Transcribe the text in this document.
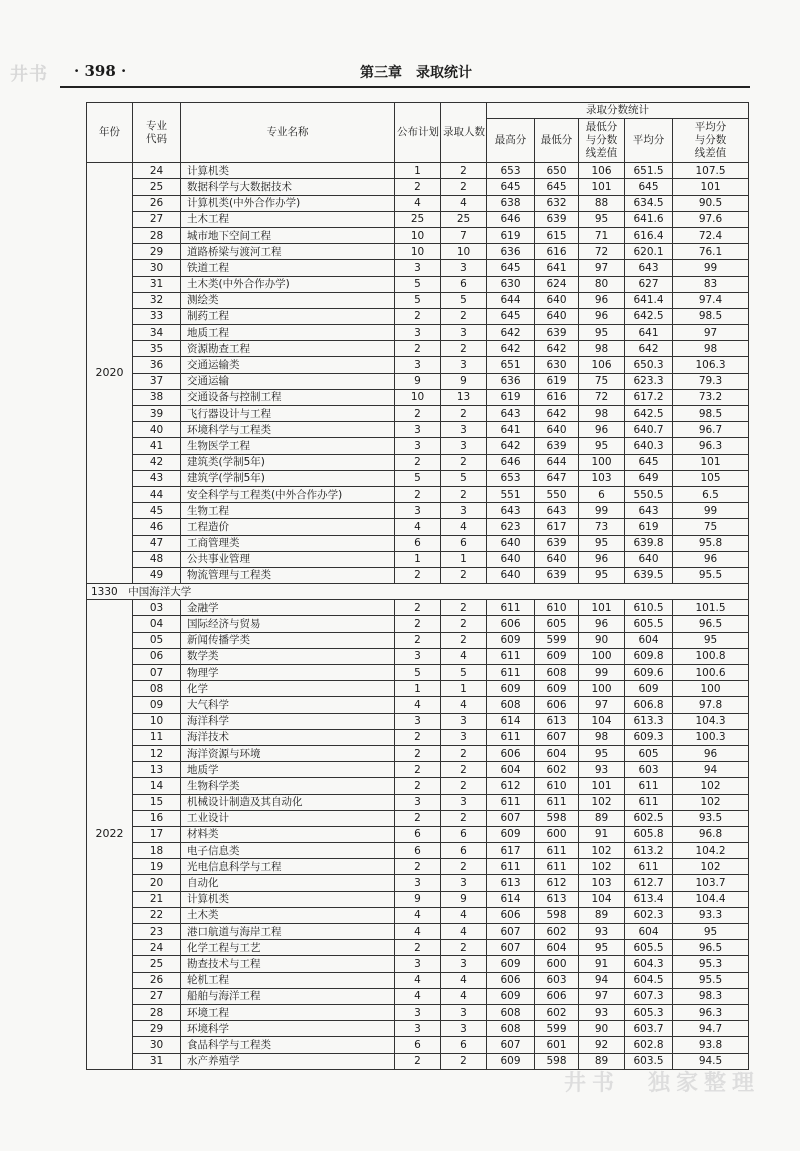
井书 · 398 ·	第三章　录取统计
年份	专业代码	专业名称	公布计划	录取人数	录取分数统计				
					最高分	最低分	最低分与分数线差值	平均分	平均分与分数线差值
2020	24	计算机类	1	2	653	650	106	651.5	107.5
	25	数据科学与大数据技术	2	2	645	645	101	645	101
	26	计算机类(中外合作办学)	4	4	638	632	88	634.5	90.5
	27	土木工程	25	25	646	639	95	641.6	97.6
	28	城市地下空间工程	10	7	619	615	71	616.4	72.4
	29	道路桥梁与渡河工程	10	10	636	616	72	620.1	76.1
	30	铁道工程	3	3	645	641	97	643	99
	31	土木类(中外合作办学)	5	6	630	624	80	627	83
	32	测绘类	5	5	644	640	96	641.4	97.4
	33	制药工程	2	2	645	640	96	642.5	98.5
	34	地质工程	3	3	642	639	95	641	97
	35	资源勘查工程	2	2	642	642	98	642	98
	36	交通运输类	3	3	651	630	106	650.3	106.3
	37	交通运输	9	9	636	619	75	623.3	79.3
	38	交通设备与控制工程	10	13	619	616	72	617.2	73.2
	39	飞行器设计与工程	2	2	643	642	98	642.5	98.5
	40	环境科学与工程类	3	3	641	640	96	640.7	96.7
	41	生物医学工程	3	3	642	639	95	640.3	96.3
	42	建筑类(学制5年)	2	2	646	644	100	645	101
	43	建筑学(学制5年)	5	5	653	647	103	649	105
	44	安全科学与工程类(中外合作办学)	2	2	551	550	6	550.5	6.5
	45	生物工程	3	3	643	643	99	643	99
	46	工程造价	4	4	623	617	73	619	75
	47	工商管理类	6	6	640	639	95	639.8	95.8
	48	公共事业管理	1	1	640	640	96	640	96
	49	物流管理与工程类	2	2	640	639	95	639.5	95.5
1330　中国海洋大学									
2022	03	金融学	2	2	611	610	101	610.5	101.5
	04	国际经济与贸易	2	2	606	605	96	605.5	96.5
	05	新闻传播学类	2	2	609	599	90	604	95
	06	数学类	3	4	611	609	100	609.8	100.8
	07	物理学	5	5	611	608	99	609.6	100.6
	08	化学	1	1	609	609	100	609	100
	09	大气科学	4	4	608	606	97	606.8	97.8
	10	海洋科学	3	3	614	613	104	613.3	104.3
	11	海洋技术	2	3	611	607	98	609.3	100.3
	12	海洋资源与环境	2	2	606	604	95	605	96
	13	地质学	2	2	604	602	93	603	94
	14	生物科学类	2	2	612	610	101	611	102
	15	机械设计制造及其自动化	3	3	611	611	102	611	102
	16	工业设计	2	2	607	598	89	602.5	93.5
	17	材料类	6	6	609	600	91	605.8	96.8
	18	电子信息类	6	6	617	611	102	613.2	104.2
	19	光电信息科学与工程	2	2	611	611	102	611	102
	20	自动化	3	3	613	612	103	612.7	103.7
	21	计算机类	9	9	614	613	104	613.4	104.4
	22	土木类	4	4	606	598	89	602.3	93.3
	23	港口航道与海岸工程	4	4	607	602	93	604	95
	24	化学工程与工艺	2	2	607	604	95	605.5	96.5
	25	勘查技术与工程	3	3	609	600	91	604.3	95.3
	26	轮机工程	4	4	606	603	94	604.5	95.5
	27	船舶与海洋工程	4	4	609	606	97	607.3	98.3
	28	环境工程	3	3	608	602	93	605.3	96.3
	29	环境科学	3	3	608	599	90	603.7	94.7
	30	食品科学与工程类	6	6	607	601	92	602.8	93.8
	31	水产养殖学	2	2	609	598	89	603.5	94.5
井书　独家整理
